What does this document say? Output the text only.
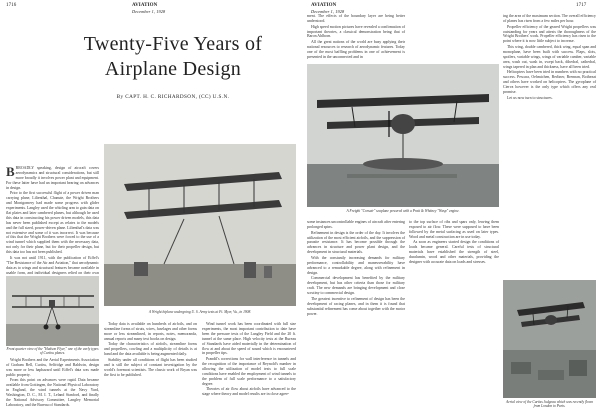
1716	AVIATION
December 1, 1928
Twenty-Five Years of
Airplane Design
By CAPT. H. C. RICHARDSON, (CC) U.S.N.

BBROADLY speaking, design of aircraft covers aerodynamics and structural considerations, but still more broadly it involves power plant and equipment. For these latter have had an important bearing on advances in design.

Prior to the first successful flight of a power driven man carrying plane, Lilienthal, Chanute, the Wright Brothers and Montgomery had made some progress with glider experiments. Langley used the whirling arm to gain data on flat plates and later cambered planes, but although he used this data in constructing his power driven models, this data has never been published except as relates to the models and the full sized, power-driven plane. Lilienthal's data was not extensive and some of it was incorrect. It was because of this that the Wright Brothers were forced to the use of a wind tunnel which supplied them with the necessary data, not only for their plane, but for their propeller design, but this data too has not been published.

It was not until 1911, with the publication of Eiffel's "The Resistance of the Air and Aviation," that aerodynamic data as to wings and structural features became available in usable form, and individual designers relied on their own

Front quarter view of the "Hudson Flyer," one of the early types of Curtiss planes.

Wright Brothers and the Aerial Experiments Association of Graham Bell, Curtiss, Selfridge and Baldwin, design was more or less haphazard until Eiffel's data was made public property.

From this point on advances were rapid. Data became available from Gottingen, the National Physical Laboratory in England, the wind tunnels at the Navy Yard, Washington, D. C., M. I. T., Leland Stanford, and finally the National Advisory Committee, Langley Memorial Laboratory, and the Bureau of Standards.

A Wright biplane undergoing U. S. Army tests at Ft. Myer, Va., in 1908.

Today data is available on hundreds of airfoils, and on streamline forms of struts, wires, fuselages and other forms more or less streamlined, in reports, notes, memoranda, annual reports and many text books on design.

Today the characteristics of airfoils, streamline forms and propellers, cowling and a multiplicity of details is at hand and the data available is being augmented daily.

Stability under all conditions of flight has been studied and is still the subject of constant investigation by the world's foremost scientists. The classic work of Bryan was the first to be published.

Wind tunnel work has been coordinated with full size experiments, the most important contribution to date have been the pressure tests of the Langley Field and the 20 ft. tunnel at the same place. High velocity tests at the Bureau of Standards have aided materially in the determination of flow at and about the speed of sound which is encountered in propeller tips.

Prandtl's corrections for wall interference in tunnels and the recognition of the importance of Reynold's number in allowing the utilization of model tests to full scale conditions have enabled the employment of wind tunnels to the problem of full scale performance to a satisfactory degree.

Theories of air flow about airfoils have advanced to the stage where theory and model results are in close agree-

AVIATION
December 1, 1928
1717

ment. The effects of the boundary layer are being better understood.

High speed motion pictures have revealed a confirmation of important theories, a classical demonstration being that of Baron Ahlborn.

All the great nations of the world are busy applying their national resources to research of aerodynamic features. Today one of the most baffling problems in one of achievement is presented in the unconnected and in

A Freight "Corsair" seaplane powered with a Pratt & Whitney "Wasp" engine.

some instances uncontrollable engines of aircraft after entering prolonged spins.

Refinement in design is the order of the day. It involves the utilization of the most efficient airfoils, and the suppression of parasite resistance. It has become possible through the advances in structure and power plant design, and the development in structural materials.

With the constantly increasing demands for military performance, controllability and maneuverability have advanced to a remarkable degree, along with refinement in design.

Commercial development has benefited by the military development, but has other criteria than those for military craft. The new demands are bringing development and close scrutiny to commercial design.

The greatest incentive to refinement of design has been the development of racing planes, and in them it is found that substantial refinement has come about together with the motor power.

ing the area of the maximum section. The overall efficiency of planes has risen from a few miles per hour.

Propeller efficiency of the geared Wright propellers was outstanding for years and attests the thoroughness of the Wright Brothers' work. Propeller efficiency has risen to the point where it is now little subject to increase.

This wing, double cambered, thick wing, equal span and monoplane, have been built with success. Flaps, slots, spoilers, variable wings, wings of variable camber, variable area, wash out, wash in, swept back, dihedral, cathedral, wings tapered in plan and thickness, have all been tried.

Helicopters have been tried in numbers with no practical success. Pescara, Oehmichen, Berliner, Brennan, Bothezat and others have worked on helicopters. The gyroplane of Cierva however is the only type which offers any real promise.

Let us now turn to structures.

to the top surface of ribs and spars only, leaving them exposed to air flow. These were supposed to have been followed by the metal surfacing as used on later types. Wood and metal construction are in use today.

As soon as engineers started design the conditions of loads became general. Careful tests of structural materials have established the strength of steel, duralumin, wood and other materials, providing the designer with accurate data on loads and stresses.

Aerial view of the Curtiss Judgeau which was recently flown from London to Paris.
